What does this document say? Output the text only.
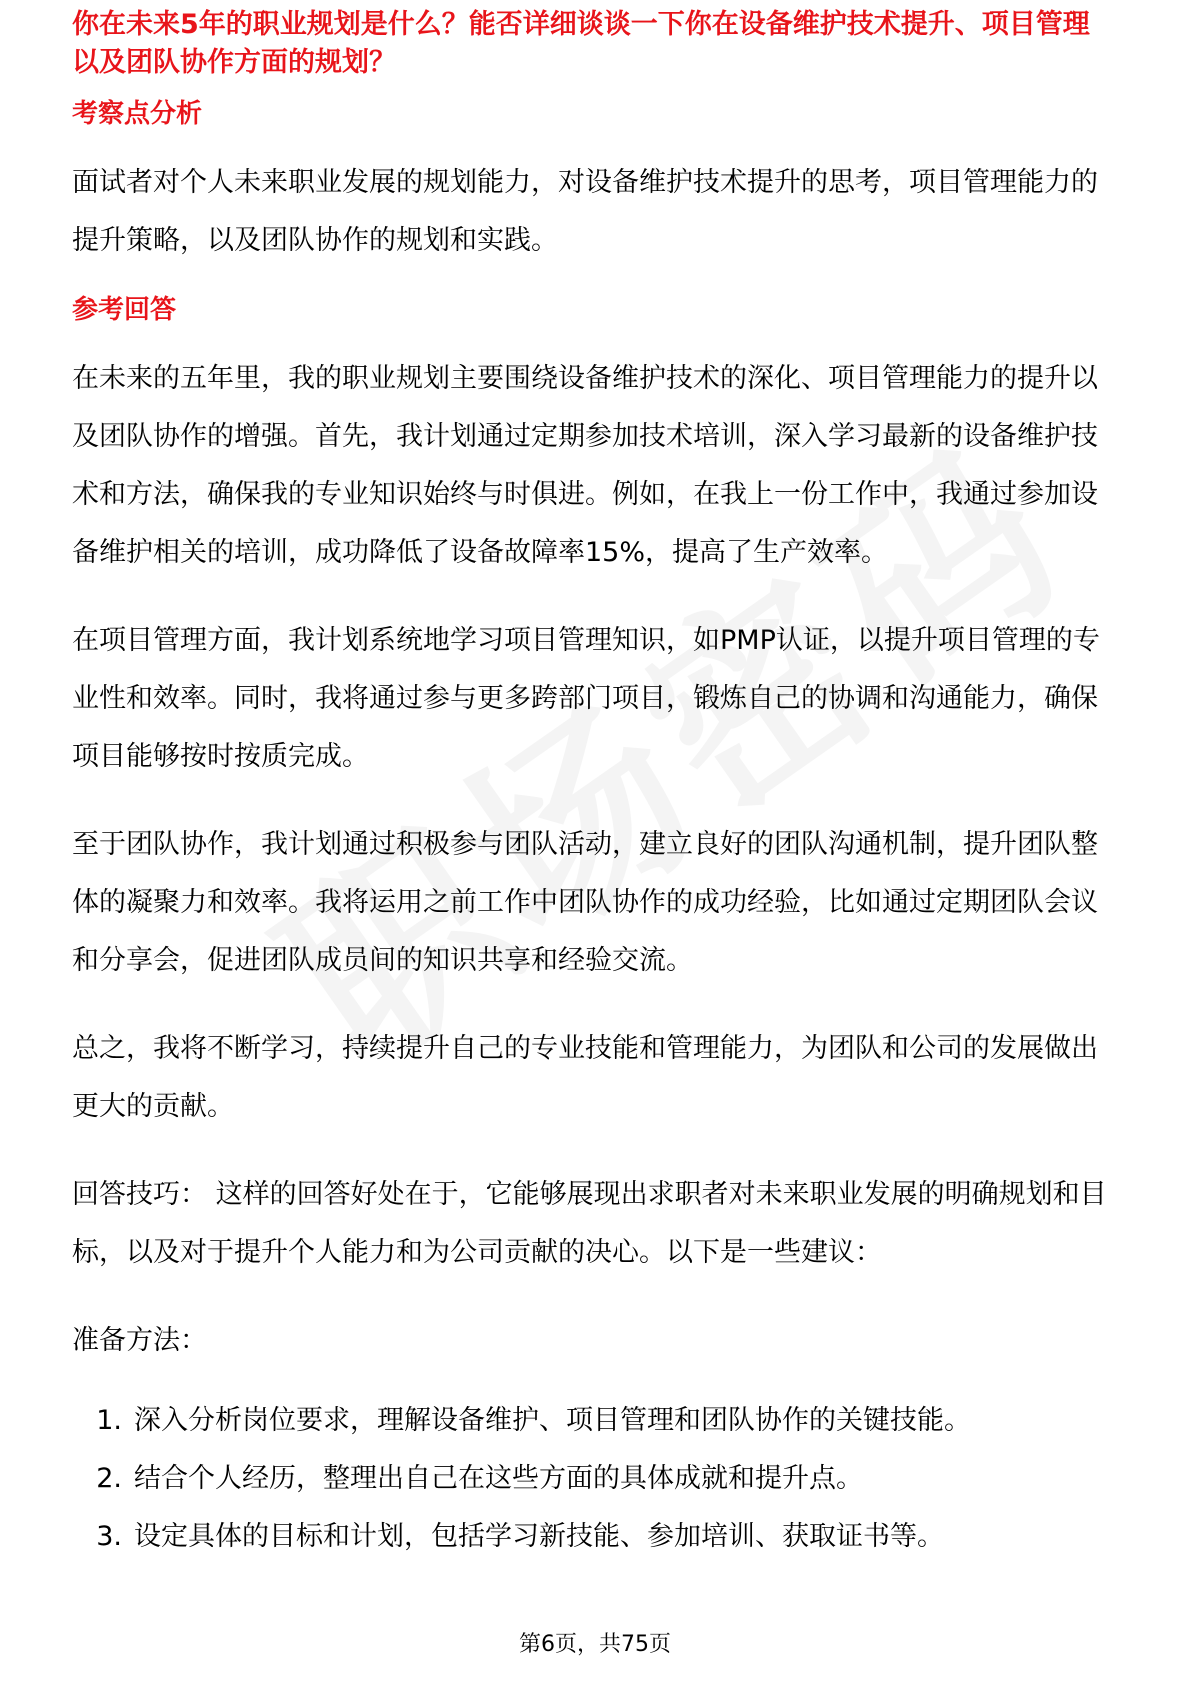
你在未来5年的职业规划是什么？能否详细谈谈一下你在设备维护技术提升、项目管理
以及团队协作方面的规划？
考察点分析

面试者对个人未来职业发展的规划能力，对设备维护技术提升的思考，项目管理能力的提升策略，以及团队协作的规划和实践。

参考回答

在未来的五年里，我的职业规划主要围绕设备维护技术的深化、项目管理能力的提升以及团队协作的增强。首先，我计划通过定期参加技术培训，深入学习最新的设备维护技术和方法，确保我的专业知识始终与时俱进。例如，在我上一份工作中，我通过参加设备维护相关的培训，成功降低了设备故障率15%，提高了生产效率。

在项目管理方面，我计划系统地学习项目管理知识，如PMP认证，以提升项目管理的专业性和效率。同时，我将通过参与更多跨部门项目，锻炼自己的协调和沟通能力，确保项目能够按时按质完成。

至于团队协作，我计划通过积极参与团队活动，建立良好的团队沟通机制，提升团队整体的凝聚力和效率。我将运用之前工作中团队协作的成功经验，比如通过定期团队会议和分享会，促进团队成员间的知识共享和经验交流。

总之，我将不断学习，持续提升自己的专业技能和管理能力，为团队和公司的发展做出更大的贡献。

回答技巧： 这样的回答好处在于，它能够展现出求职者对未来职业发展的明确规划和目标，以及对于提升个人能力和为公司贡献的决心。以下是一些建议：

准备方法：

1. 深入分析岗位要求，理解设备维护、项目管理和团队协作的关键技能。
2. 结合个人经历，整理出自己在这些方面的具体成就和提升点。
3. 设定具体的目标和计划，包括学习新技能、参加培训、获取证书等。
第6页，共75页
